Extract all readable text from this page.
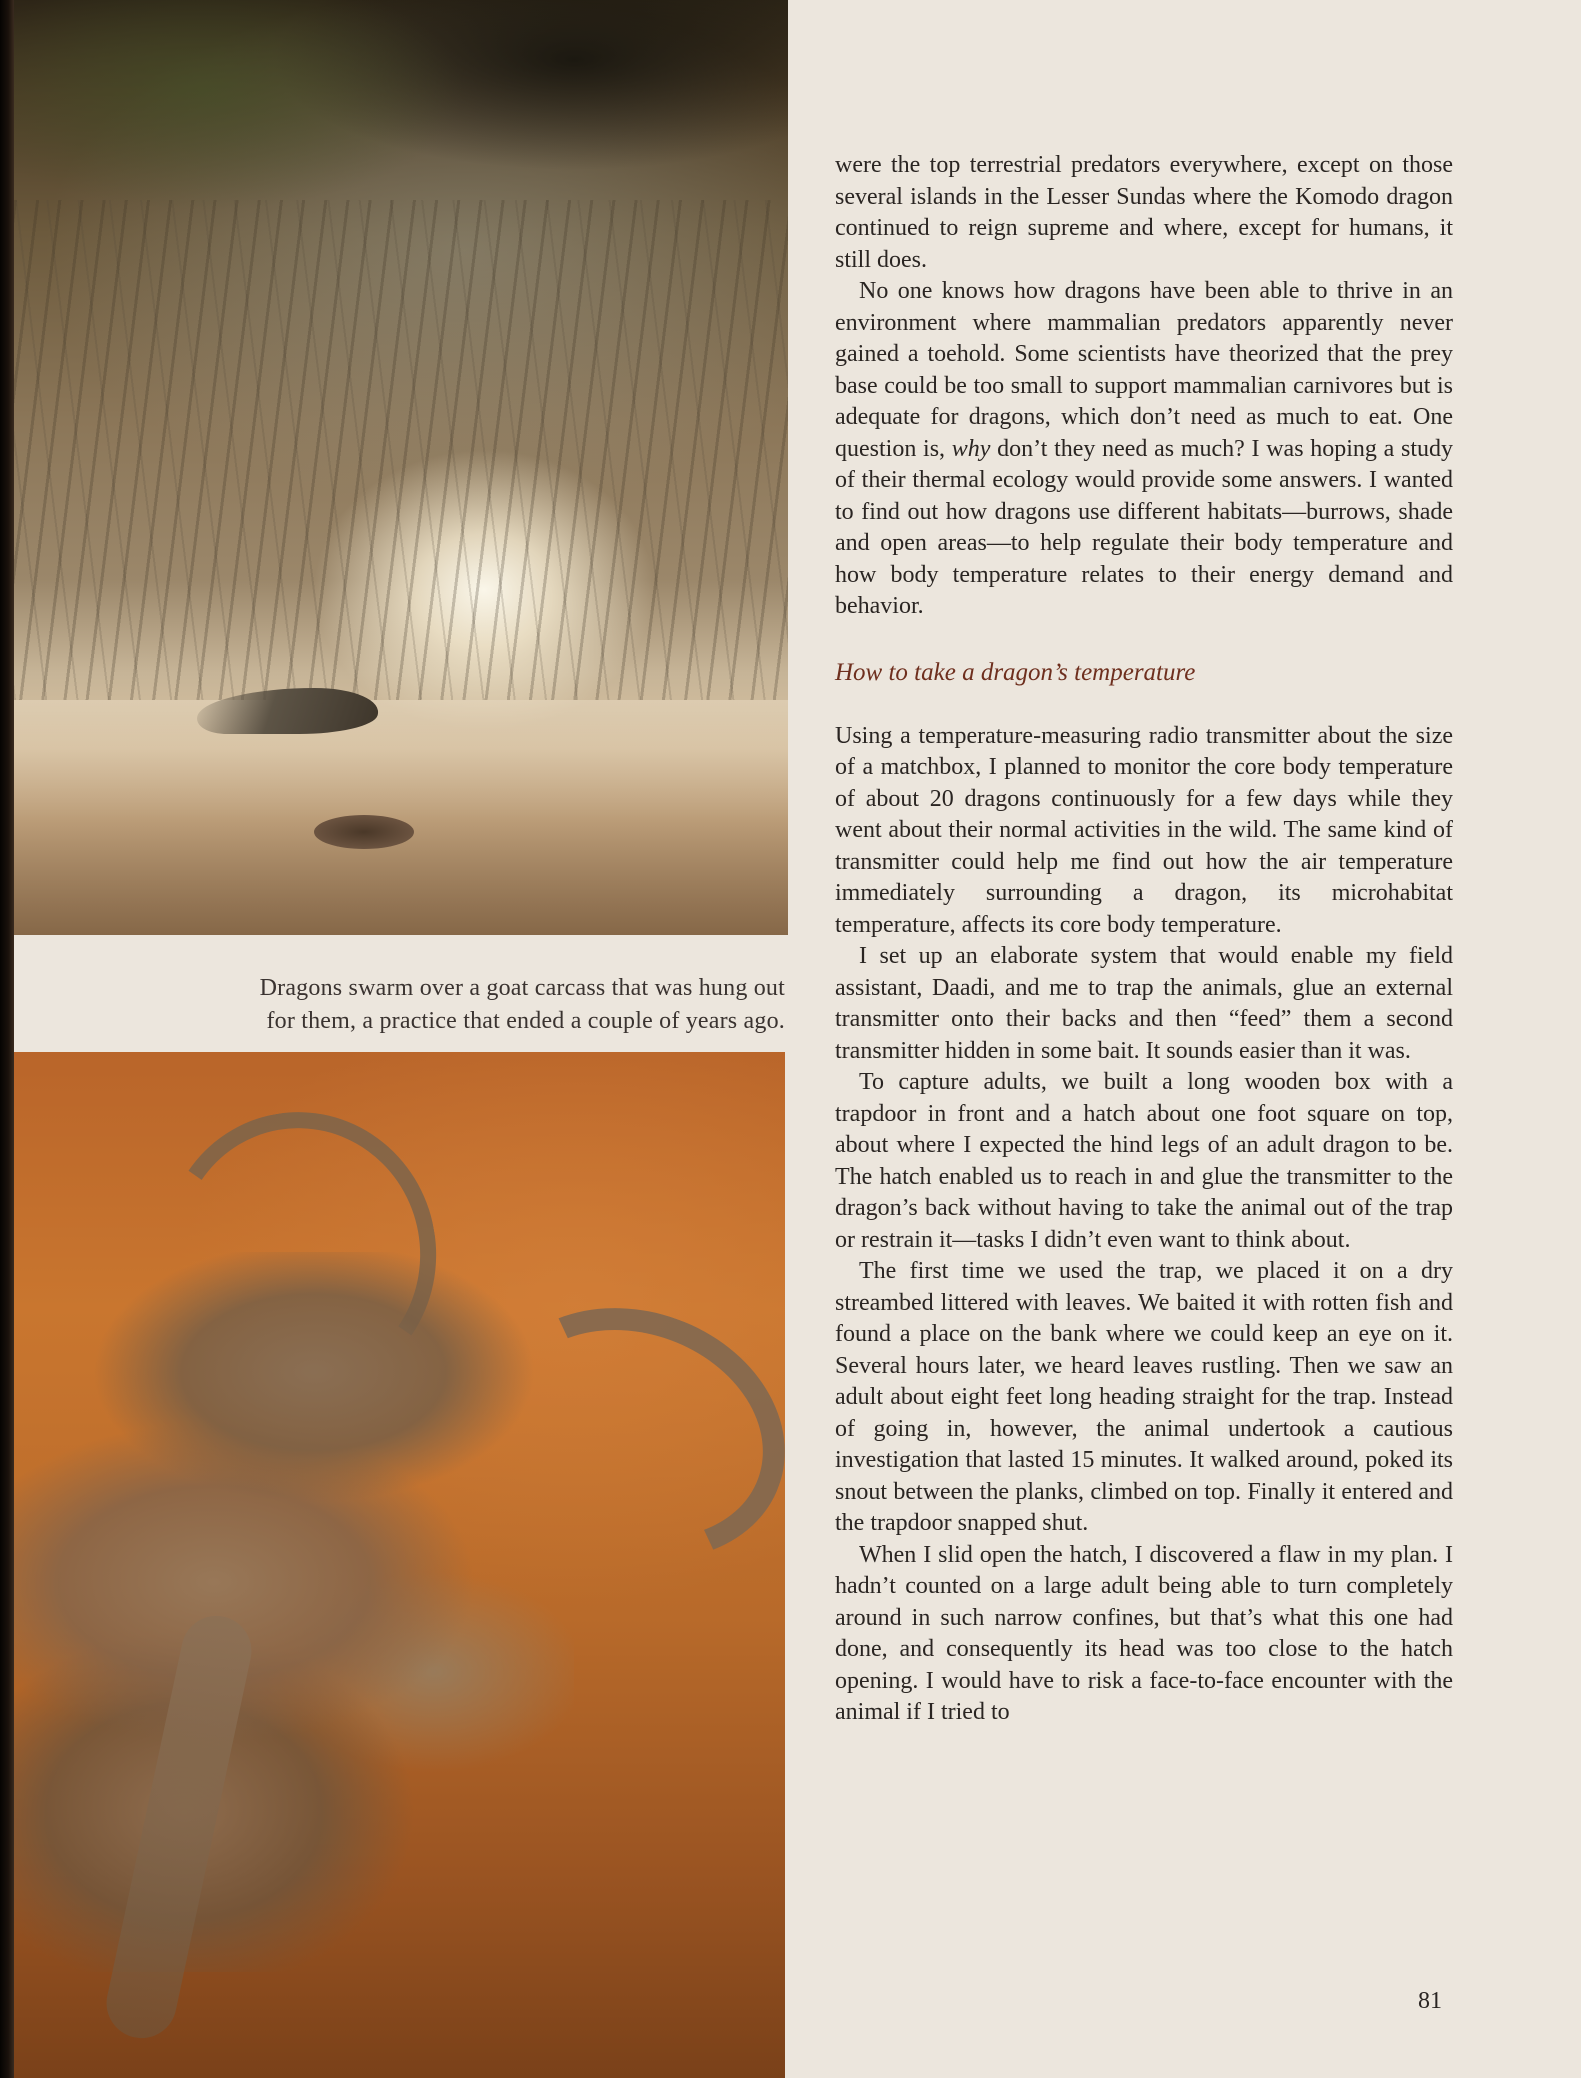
Dragons swarm over a goat carcass that was hung out

for them, a practice that ended a couple of years ago.

were the top terrestrial predators everywhere, except on those several islands in the Lesser Sundas where the Komodo dragon continued to reign supreme and where, except for humans, it still does.

No one knows how dragons have been able to thrive in an environment where mammalian predators apparently never gained a toehold. Some scientists have theorized that the prey base could be too small to support mammalian carnivores but is adequate for dragons, which don’t need as much to eat. One question is, why don’t they need as much? I was hoping a study of their thermal ecology would provide some answers. I wanted to find out how dragons use different habitats—burrows, shade and open areas—to help regulate their body temperature and how body temperature relates to their energy demand and behavior.

How to take a dragon’s temperature

Using a temperature-measuring radio transmitter about the size of a matchbox, I planned to monitor the core body temperature of about 20 dragons continuously for a few days while they went about their normal activities in the wild. The same kind of transmitter could help me find out how the air temperature immediately surrounding a dragon, its microhabitat temperature, affects its core body temperature.

I set up an elaborate system that would enable my field assistant, Daadi, and me to trap the animals, glue an external transmitter onto their backs and then “feed” them a second transmitter hidden in some bait. It sounds easier than it was.

To capture adults, we built a long wooden box with a trapdoor in front and a hatch about one foot square on top, about where I expected the hind legs of an adult dragon to be. The hatch enabled us to reach in and glue the transmitter to the dragon’s back without having to take the animal out of the trap or restrain it—tasks I didn’t even want to think about.

The first time we used the trap, we placed it on a dry streambed littered with leaves. We baited it with rotten fish and found a place on the bank where we could keep an eye on it. Several hours later, we heard leaves rustling. Then we saw an adult about eight feet long heading straight for the trap. Instead of going in, however, the animal undertook a cautious investigation that lasted 15 minutes. It walked around, poked its snout between the planks, climbed on top. Finally it entered and the trapdoor snapped shut.

When I slid open the hatch, I discovered a flaw in my plan. I hadn’t counted on a large adult being able to turn completely around in such narrow confines, but that’s what this one had done, and consequently its head was too close to the hatch opening. I would have to risk a face-to-face encounter with the animal if I tried to

81
